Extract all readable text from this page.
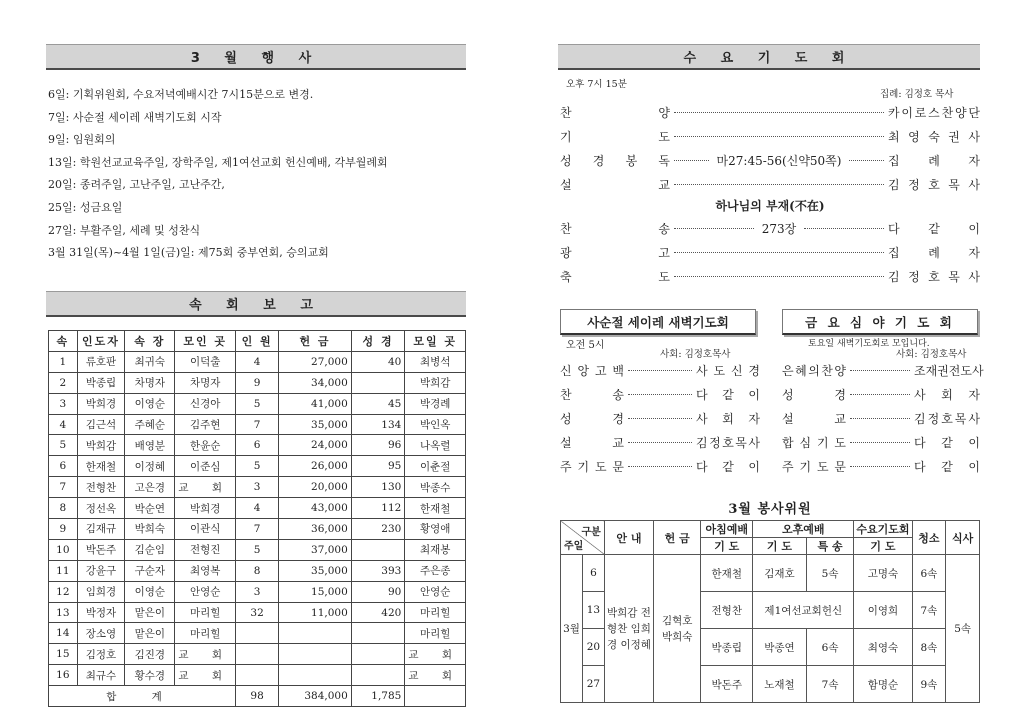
3 월 행 사
6일: 기획위원회, 수요저녁예배시간 7시15분으로 변경.
7일: 사순절 세이레 새벽기도회 시작
9일: 임원회의
13일: 학원선교교육주일, 장학주일, 제1여선교회 헌신예배, 각부월례회
20일: 종려주일, 고난주일, 고난주간,
25일: 성금요일
27일: 부활주일, 세례 및 성찬식
3월 31일(목)~4월 1일(금)일: 제75회 중부연회, 승의교회
속 회 보 고
속	인도자	속 장	모인 곳	인 원	헌 금	성 경	모일 곳
1	류호판	최귀숙	이덕출	4	27,000	40	최병석
2	박종립	차명자	차명자	9	34,000		박희감
3	박희경	이영순	신경아	5	41,000	45	박경례
4	김근석	주혜순	김주현	7	35,000	134	박인옥
5	박희감	배영분	한윤순	6	24,000	96	나옥렬
6	한재철	이정혜	이준심	5	26,000	95	이춘절
7	전형찬	고은경	교 회	3	20,000	130	박종수
8	정선옥	박순연	박희경	4	43,000	112	한재철
9	김재규	박희숙	이관식	7	36,000	230	황영애
10	박돈주	김순임	전형진	5	37,000		최재봉
11	강윤구	구순자	최영복	8	35,000	393	주은종
12	임희경	이영순	안영순	3	15,000	90	안영순
13	박정자	맡은이	마리힐	32	11,000	420	마리힐
14	장소영	맡은이	마리힐				마리힐
15	김정호	김진경	교 회				교 회
16	최규수	황수경	교 회				교 회
합 계				98	384,000	1,785	
수 요 기 도 회
오후 7시 15분
집례: 김정호 목사
찬	양	카 이 로 스 찬 양 단
기	도	최 영 숙 권 사
성 경 봉 독	마27:45-56(신약50쪽)	집 례 자
설	교	김 정 호 목 사
하나님의 부재(不在)
찬	송	273장	다 같 이
광	고	집 례 자
축	도	김 정 호 목 사
사순절 세이레 새벽기도회
오전 5시
사회: 김정호목사
신 앙 고 백	사 도 신 경
찬	송	다 같 이
성	경	사 회 자
설	교	김 정 호 목 사
주 기 도 문	다 같 이
금 요 심 야 기 도 회
토요일 새벽기도회로 모입니다.
사회: 김정호목사
은 혜 의 찬 양	조 재 권 전 도 사
성	경	사 회 자
설	교	김 정 호 목 사
합 심 기 도	다 같 이
주 기 도 문	다 같 이
3월 봉사위원
구분
주일		안 내	헌 금	아침예배	오후예배		수요기도회	청소	식사
				기 도	기 도	특 송	기 도		
3월	6	박희감 전형찬 임희경 이정혜	김혁호 박희숙	한재철	김재호	5속	고명숙	6속	5속
	13			전형찬	제1여선교회헌신		이영희	7속	
	20			박종립	박종연	6속	최영숙	8속	
	27			박돈주	노재철	7속	함명순	9속	
